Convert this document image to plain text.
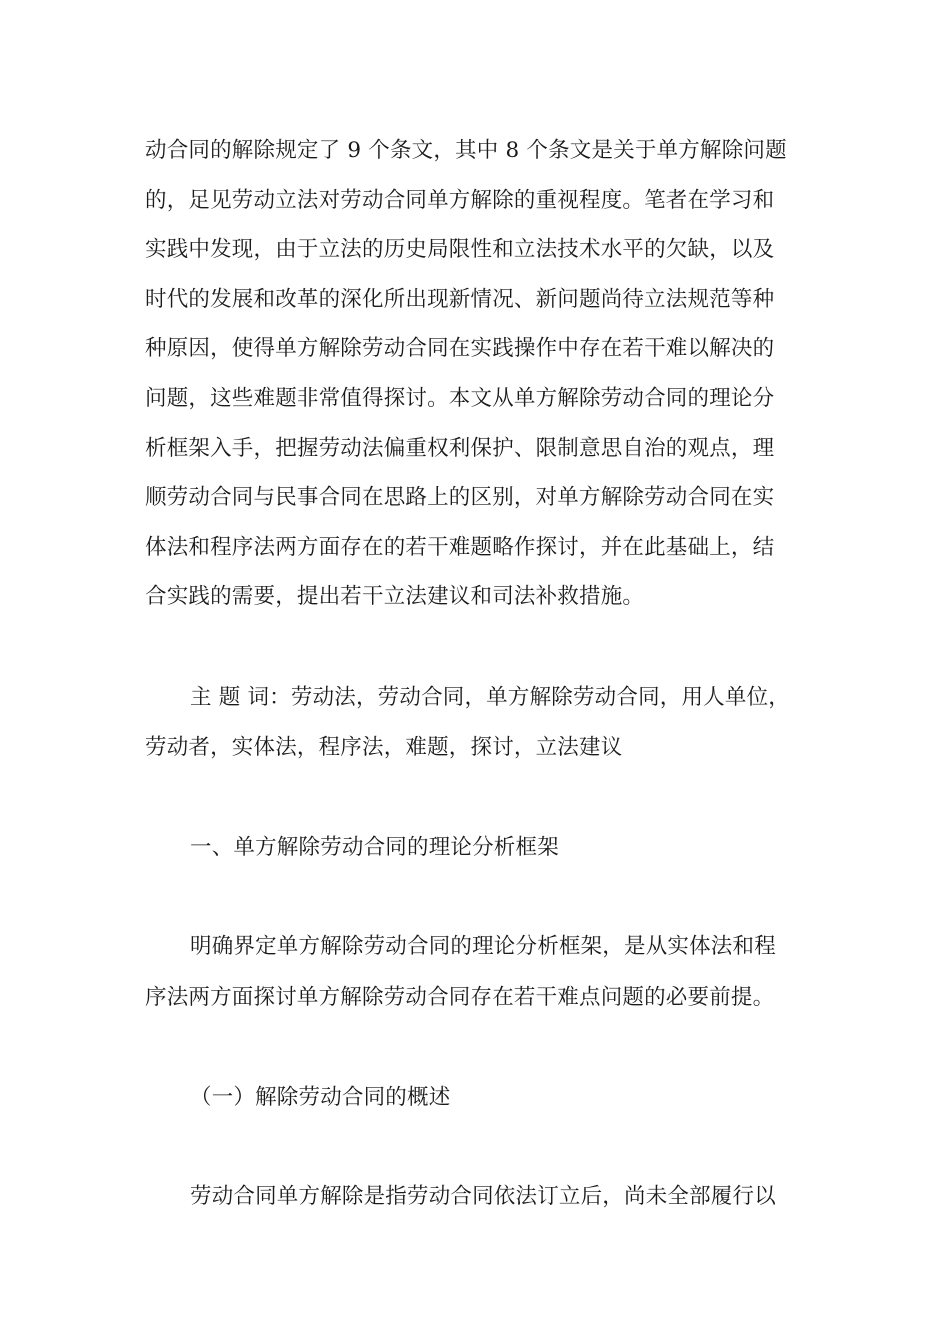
动合同的解除规定了 9 个条文，其中 8 个条文是关于单方解除问题
的，足见劳动立法对劳动合同单方解除的重视程度。笔者在学习和
实践中发现，由于立法的历史局限性和立法技术水平的欠缺，以及
时代的发展和改革的深化所出现新情况、新问题尚待立法规范等种
种原因，使得单方解除劳动合同在实践操作中存在若干难以解决的
问题，这些难题非常值得探讨。本文从单方解除劳动合同的理论分
析框架入手，把握劳动法偏重权利保护、限制意思自治的观点，理
顺劳动合同与民事合同在思路上的区别，对单方解除劳动合同在实
体法和程序法两方面存在的若干难题略作探讨，并在此基础上，结
合实践的需要，提出若干立法建议和司法补救措施。
主 题 词：劳动法，劳动合同，单方解除劳动合同，用人单位，
劳动者，实体法，程序法，难题，探讨，立法建议
一、单方解除劳动合同的理论分析框架
明确界定单方解除劳动合同的理论分析框架，是从实体法和程
序法两方面探讨单方解除劳动合同存在若干难点问题的必要前提。
（一）解除劳动合同的概述
劳动合同单方解除是指劳动合同依法订立后，尚未全部履行以
